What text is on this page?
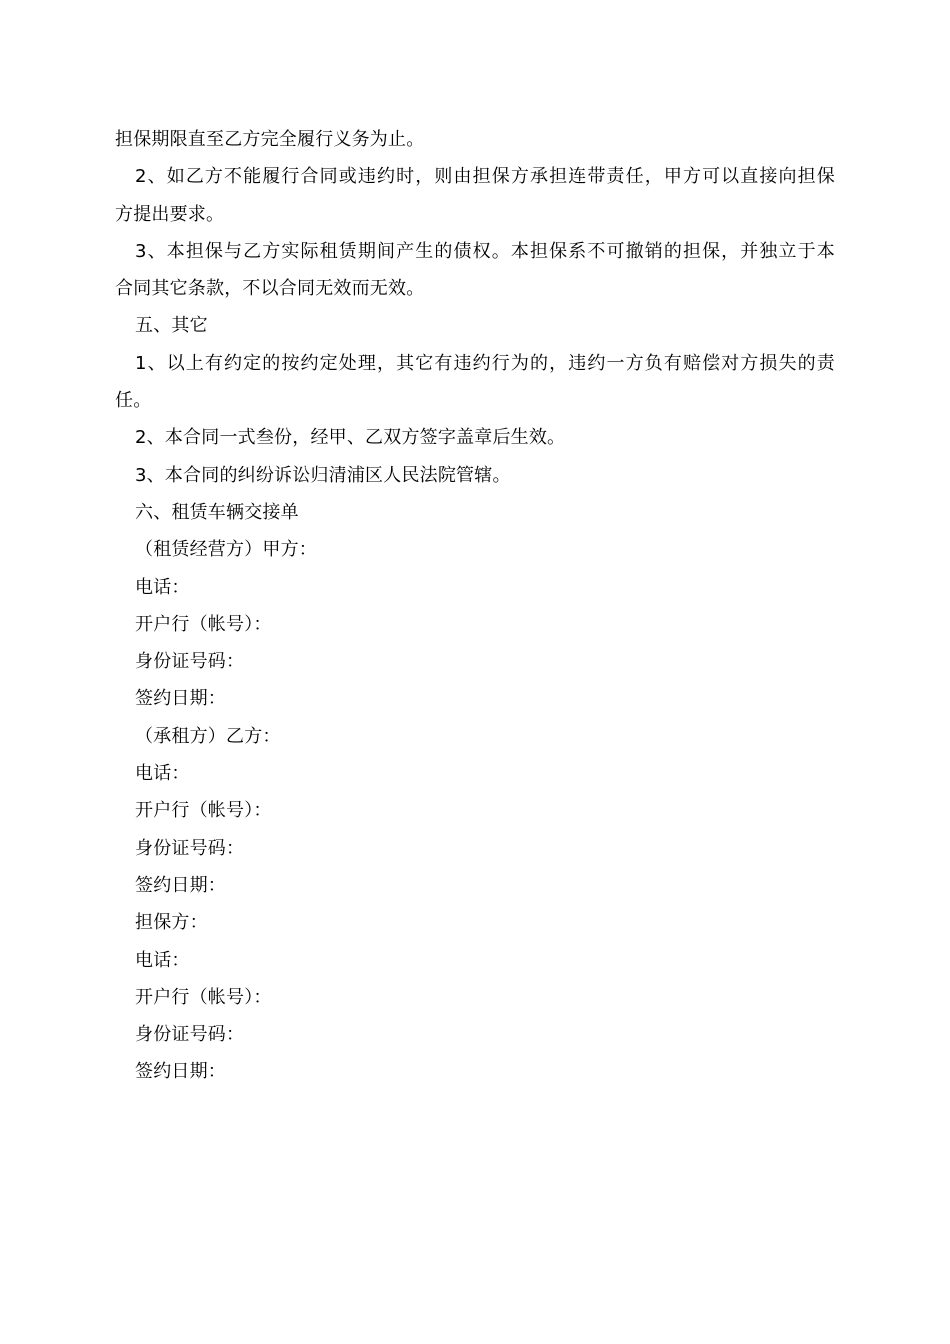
担保期限直至乙方完全履行义务为止。
2、如乙方不能履行合同或违约时，则由担保方承担连带责任，甲方可以直接向担保
方提出要求。
3、本担保与乙方实际租赁期间产生的债权。本担保系不可撤销的担保，并独立于本
合同其它条款，不以合同无效而无效。
五、其它
1、以上有约定的按约定处理，其它有违约行为的，违约一方负有赔偿对方损失的责
任。
2、本合同一式叁份，经甲、乙双方签字盖章后生效。
3、本合同的纠纷诉讼归清浦区人民法院管辖。
六、租赁车辆交接单
（租赁经营方）甲方：
电话：
开户行（帐号）：
身份证号码：
签约日期：
（承租方）乙方：
电话：
开户行（帐号）：
身份证号码：
签约日期：
担保方：
电话：
开户行（帐号）：
身份证号码：
签约日期：
